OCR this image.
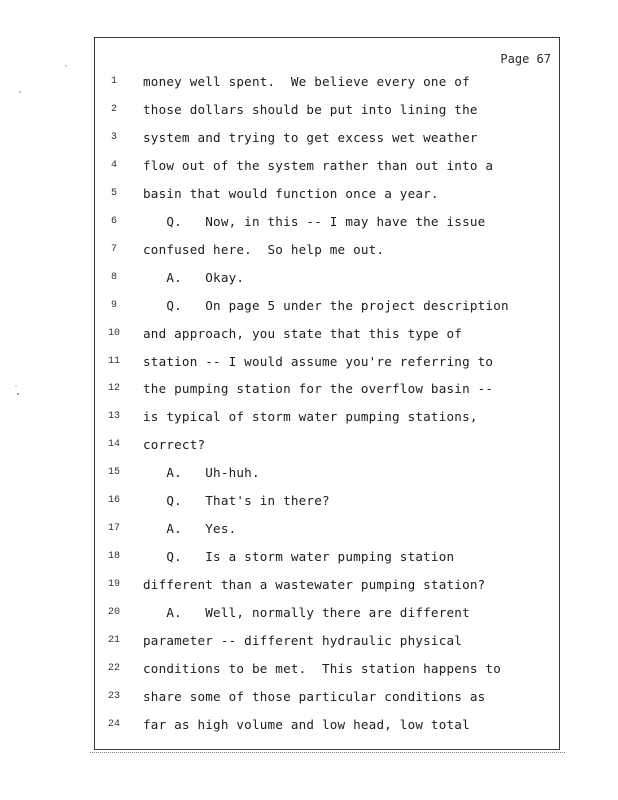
Page 67
1	money well spent.  We believe every one of
2	those dollars should be put into lining the
3	system and trying to get excess wet weather
4	flow out of the system rather than out into a
5	basin that would function once a year.
6	Q.   Now, in this -- I may have the issue
7	confused here.  So help me out.
8	A.   Okay.
9	Q.   On page 5 under the project description
10 and approach, you state that this type of
11 station -- I would assume you're referring to
12 the pumping station for the overflow basin --
13 is typical of storm water pumping stations,
14 correct?
15 A.   Uh-huh.
16 Q.   That's in there?
17 A.   Yes.
18 Q.   Is a storm water pumping station
19 different than a wastewater pumping station?
20 A.   Well, normally there are different
21 parameter -- different hydraulic physical
22 conditions to be met.  This station happens to
23 share some of those particular conditions as
24 far as high volume and low head, low total
